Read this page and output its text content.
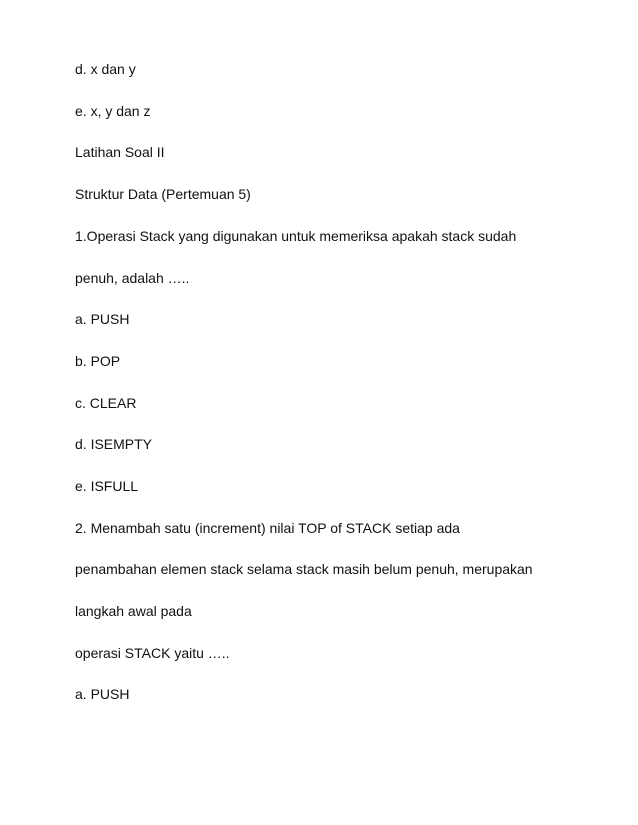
d. x dan y

e. x, y dan z

Latihan Soal II

Struktur Data (Pertemuan 5)

1.Operasi Stack yang digunakan untuk memeriksa apakah stack sudah

penuh, adalah …..

a. PUSH

b. POP

c. CLEAR

d. ISEMPTY

e. ISFULL

2. Menambah satu (increment) nilai TOP of STACK setiap ada

penambahan elemen stack selama stack masih belum penuh, merupakan

langkah awal pada

operasi STACK yaitu …..

a. PUSH
